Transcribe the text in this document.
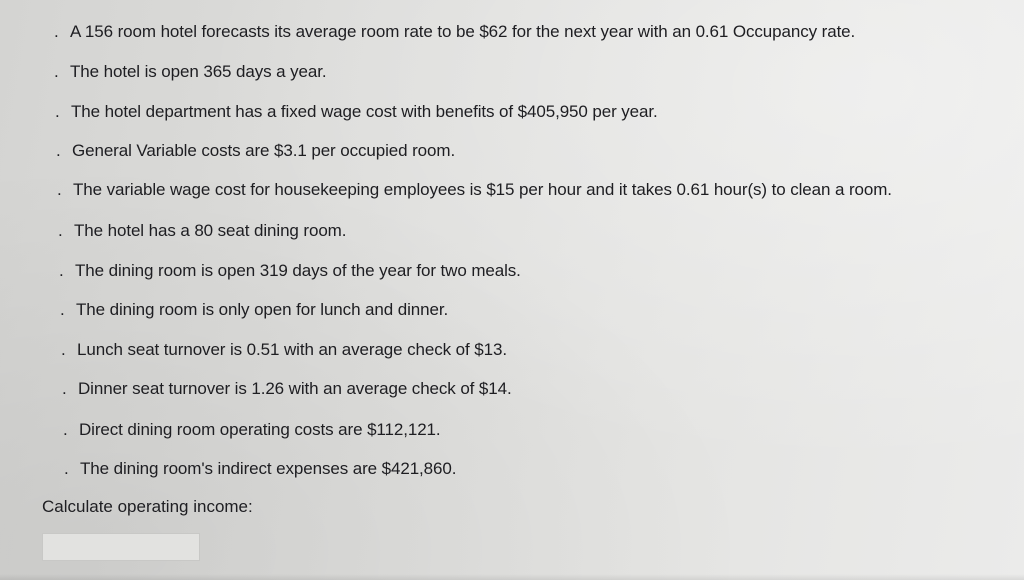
. A 156 room hotel forecasts its average room rate to be $62 for the next year with an 0.61 Occupancy rate.
. The hotel is open 365 days a year.
. The hotel department has a fixed wage cost with benefits of $405,950 per year.
. General Variable costs are $3.1 per occupied room.
. The variable wage cost for housekeeping employees is $15 per hour and it takes 0.61 hour(s) to clean a room.
. The hotel has a 80 seat dining room.
. The dining room is open 319 days of the year for two meals.
. The dining room is only open for lunch and dinner.
. Lunch seat turnover is 0.51 with an average check of $13.
. Dinner seat turnover is 1.26 with an average check of $14.
. Direct dining room operating costs are $112,121.
. The dining room's indirect expenses are $421,860.
Calculate operating income:
